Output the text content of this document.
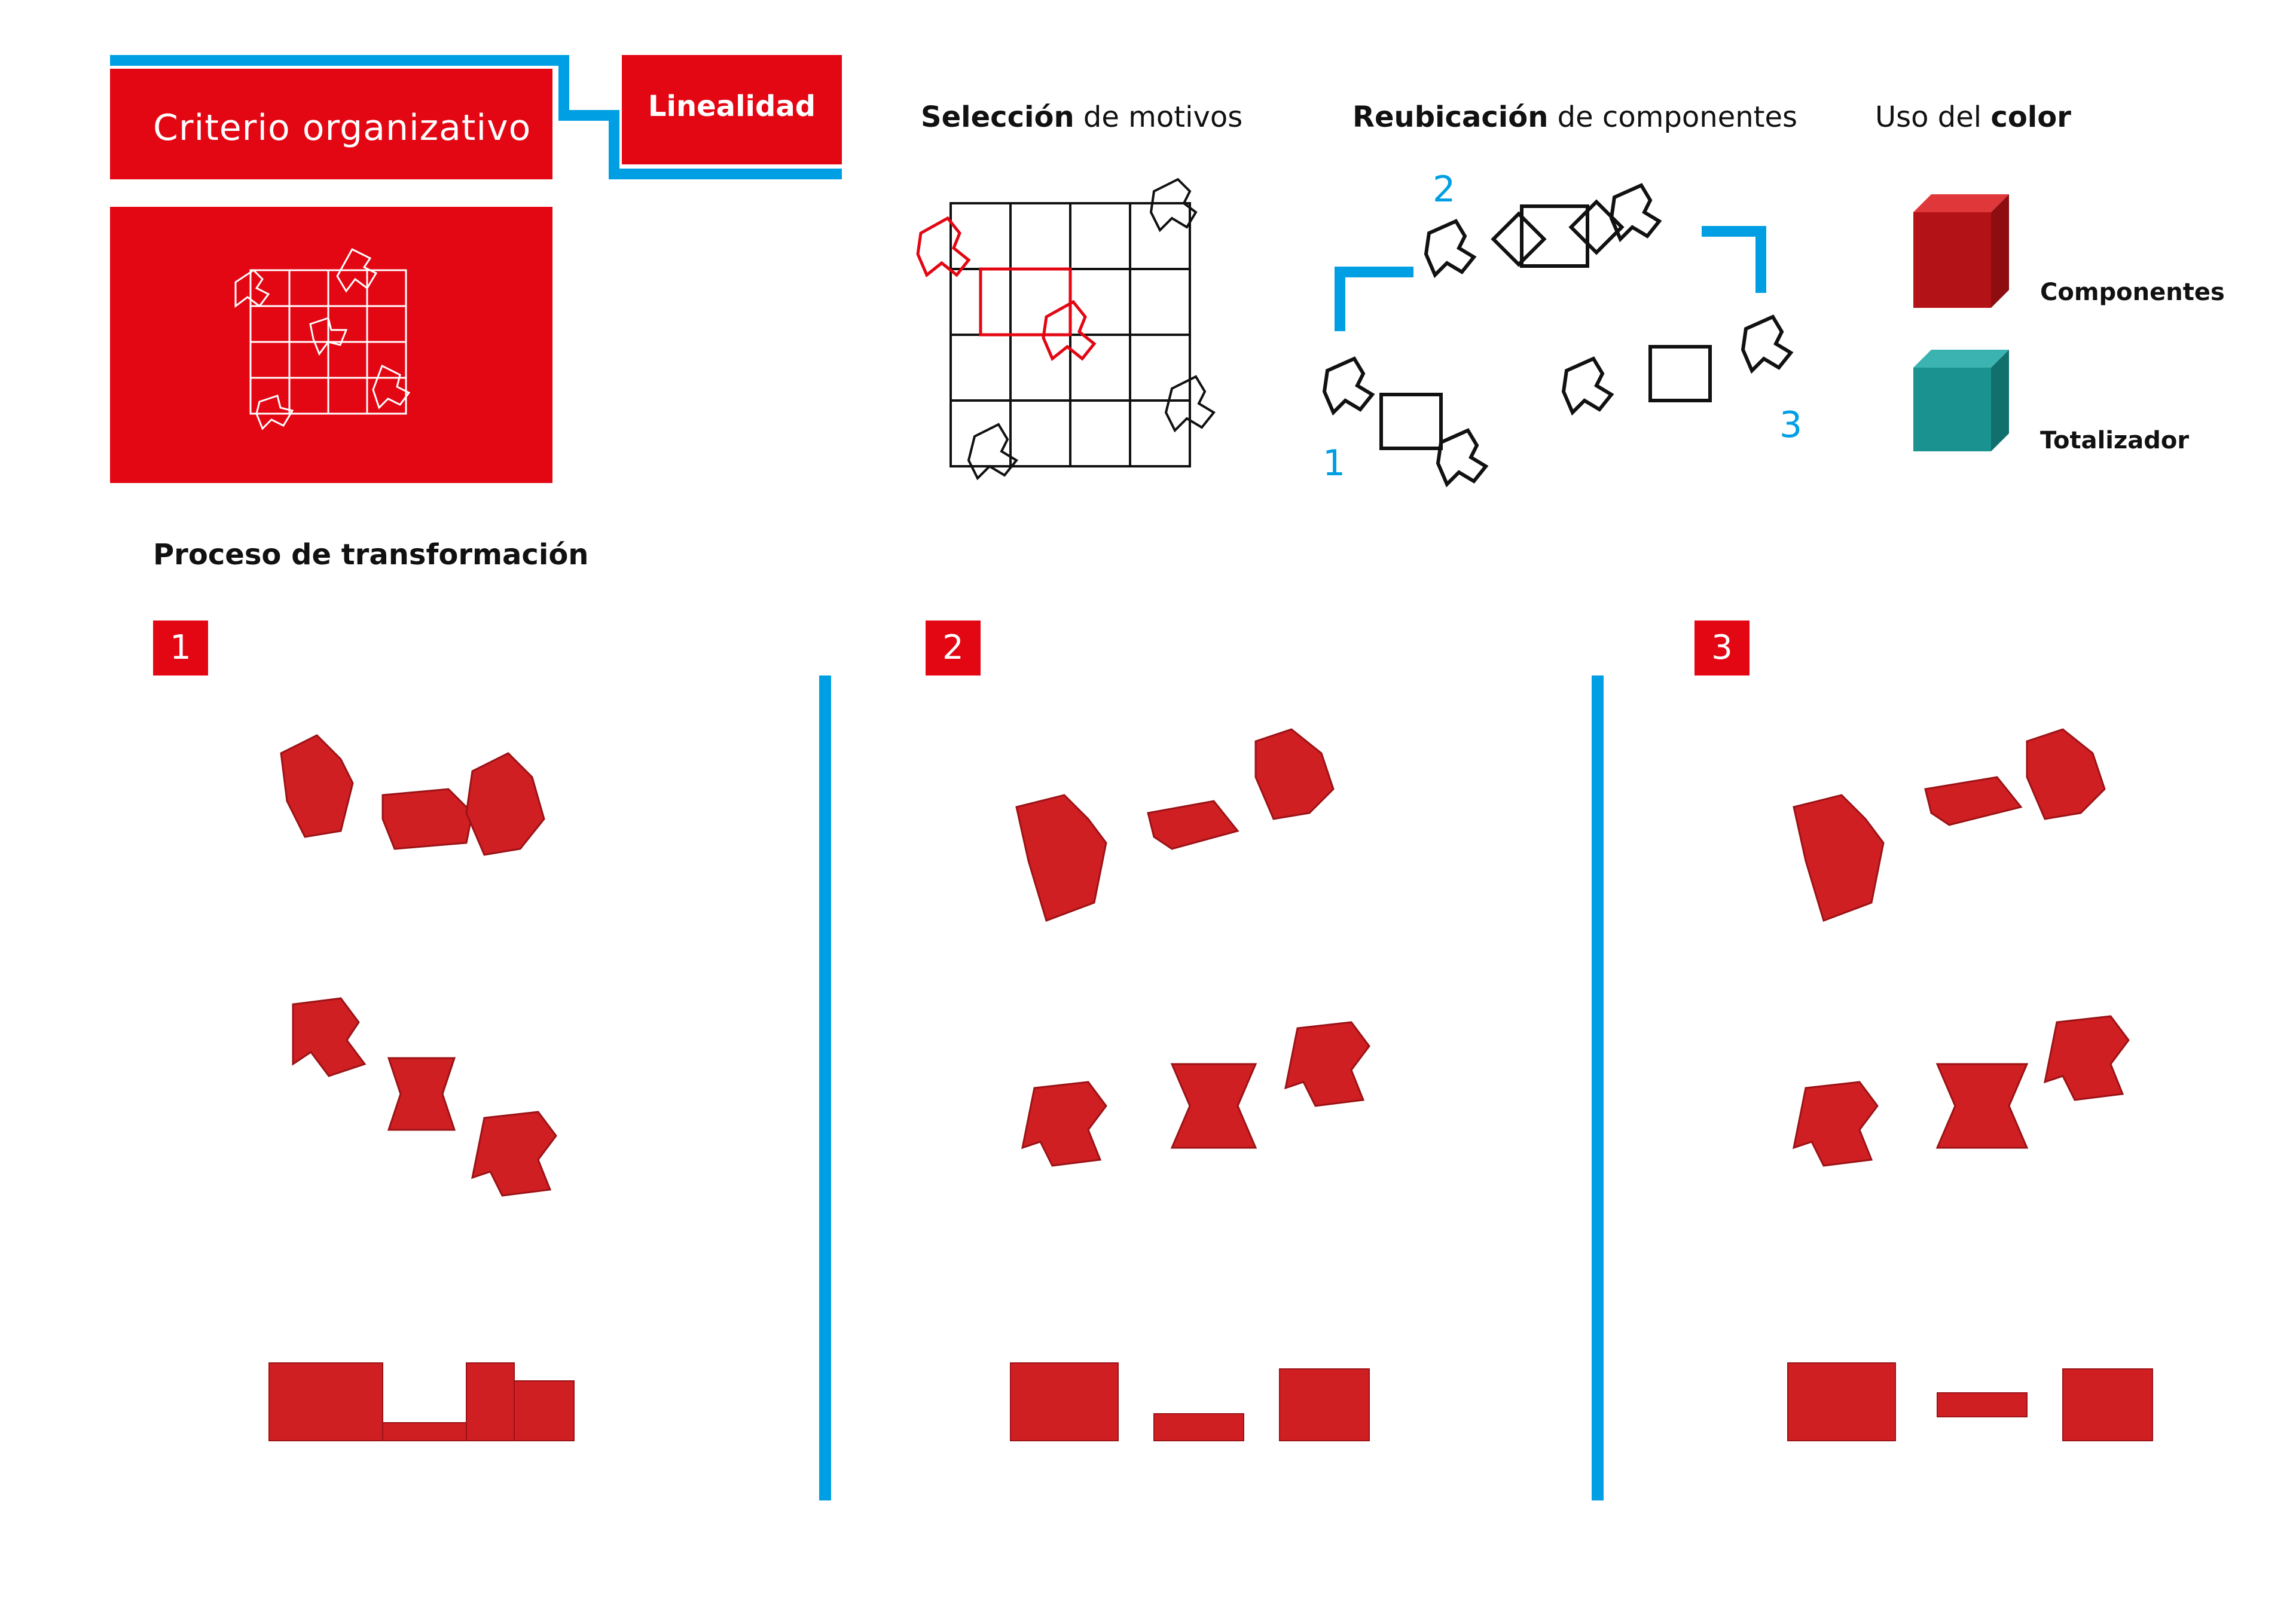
Criterio organizativo
Linealidad	Selección de motivos	Reubicación de componentes
2
1
3
Uso del color
Componentes
Totalizador
Proceso de transformación
1	2	3
